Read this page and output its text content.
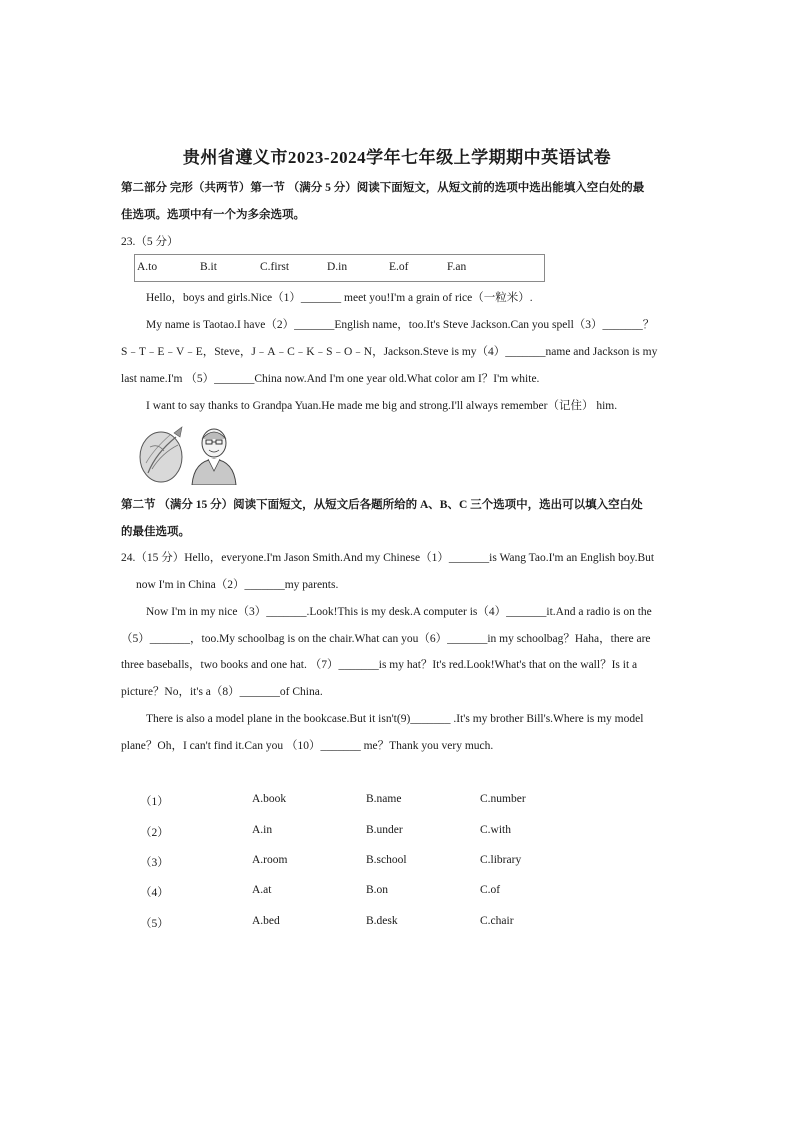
贵州省遵义市2023-2024学年七年级上学期期中英语试卷
第二部分 完形（共两节）第一节 （满分 5 分）阅读下面短文，从短文前的选项中选出能填入空白处的最
佳选项。选项中有一个为多余选项。
23.（5 分）
A.to	B.it	C.first	D.in	E.of	F.an
Hello，boys and girls.Nice（1）_______ meet you!I'm a grain of rice（一粒米）.
My name is Taotao.I have（2）_______English name，too.It's Steve Jackson.Can you spell（3）_______？
S﹣T﹣E﹣V﹣E，Steve，J﹣A﹣C﹣K﹣S﹣O﹣N，Jackson.Steve is my（4）_______name and Jackson is my
last name.I'm （5）_______China now.And I'm one year old.What color am I？I'm white.
I want to say thanks to Grandpa Yuan.He made me big and strong.I'll always remember（记住） him.
第二节 （满分 15 分）阅读下面短文，从短文后各题所给的 A、B、C 三个选项中，选出可以填入空白处
的最佳选项。
24.（15 分）Hello，everyone.I'm Jason Smith.And my Chinese（1）_______is Wang Tao.I'm an English boy.But
now I'm in China（2）_______my parents.
Now I'm in my nice（3）_______.Look!This is my desk.A computer is（4）_______it.And a radio is on the
（5）_______，too.My schoolbag is on the chair.What can you（6）_______in my schoolbag？Haha，there are
three baseballs，two books and one hat. （7）_______is my hat？It's red.Look!What's that on the wall？Is it a
picture？No，it's a（8）_______of China.
There is also a model plane in the bookcase.But it isn't(9)_______ .It's my brother Bill's.Where is my model
plane？Oh，I can't find it.Can you （10）_______ me？Thank you very much.
（1）	A.book	B.name	C.number
（2）	A.in	B.under	C.with
（3）	A.room	B.school	C.library
（4）	A.at	B.on	C.of
（5）	A.bed	B.desk	C.chair
